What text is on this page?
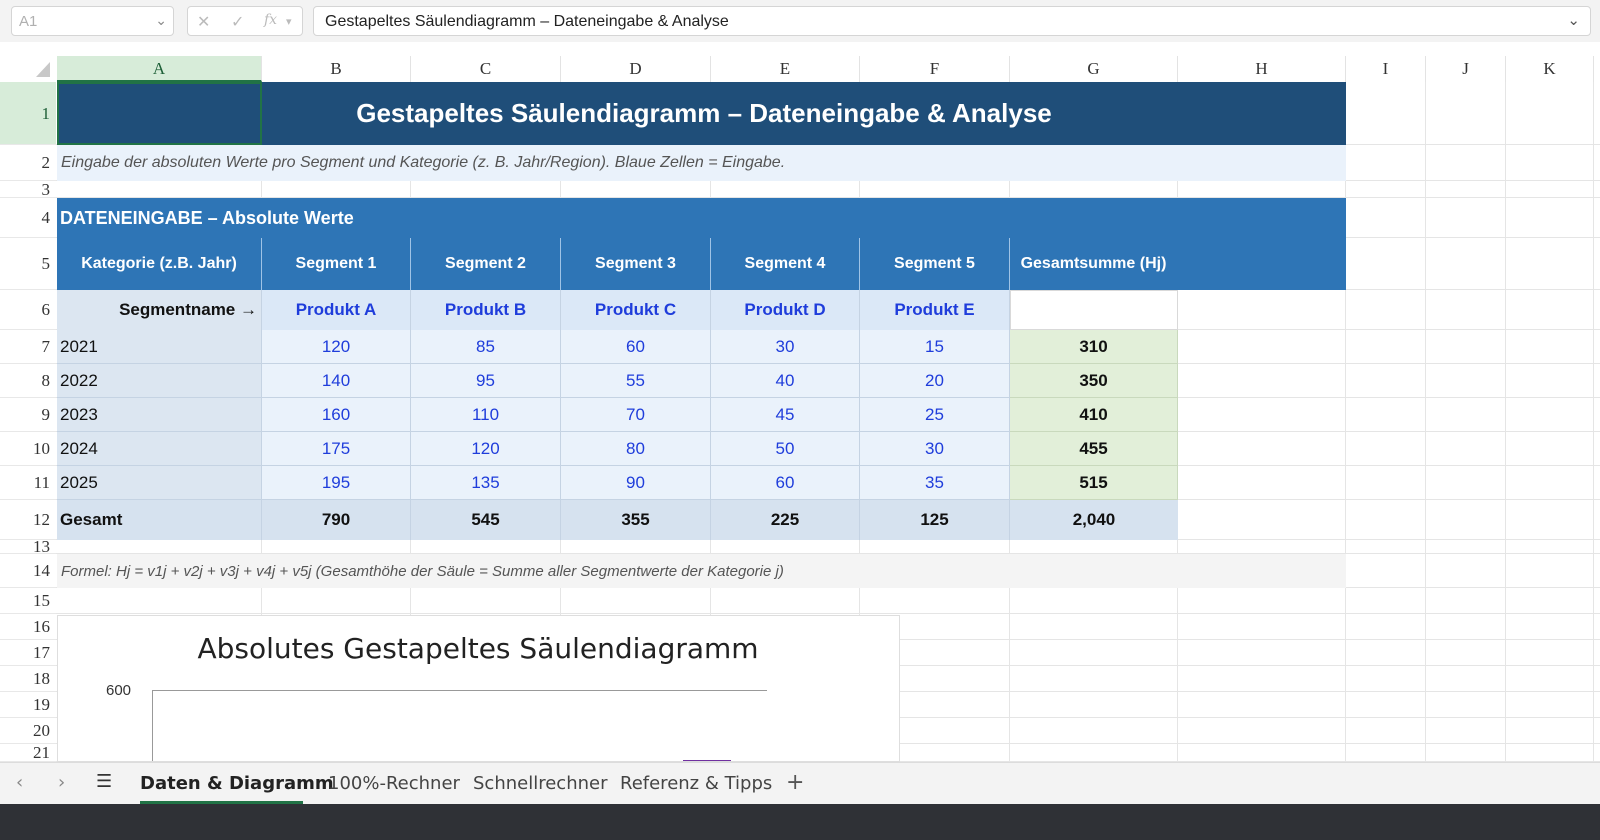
A1	⌄ ✕ ✓ fx ▾ Gestapeltes Säulendiagramm – Dateneingabe & Analyse	⌄
A	B	C	D	E	F	G	H	I	J	K
1
2
3
4
5
6
7
8
9
10
11
12
13
14
15
16
17
18
19
20
21
Gestapeltes Säulendiagramm – Dateneingabe & Analyse
Eingabe der absoluten Werte pro Segment und Kategorie (z. B. Jahr/Region). Blaue Zellen = Eingabe.
DATENEINGABE – Absolute Werte
Kategorie (z.B. Jahr)	Segment 1	Segment 2	Segment 3	Segment 4	Segment 5	Gesamtsumme (Hj)
Segmentname →	Produkt A	Produkt B	Produkt C	Produkt D	Produkt E
2021	120	85	60	30	15	310
2022	140	95	55	40	20	350
2023	160	110	70	45	25	410
2024	175	120	80	50	30	455
2025	195	135	90	60	35	515
Gesamt	790	545	355	225	125	2,040
Formel: Hj = v1j + v2j + v3j + v4j + v5j (Gesamthöhe der Säule = Summe aller Segmentwerte der Kategorie j)
Absolutes Gestapeltes Säulendiagramm
600
‹ › ☰ Daten & Diagramm
100%-Rechner Schnellrechner Referenz & Tipps +
